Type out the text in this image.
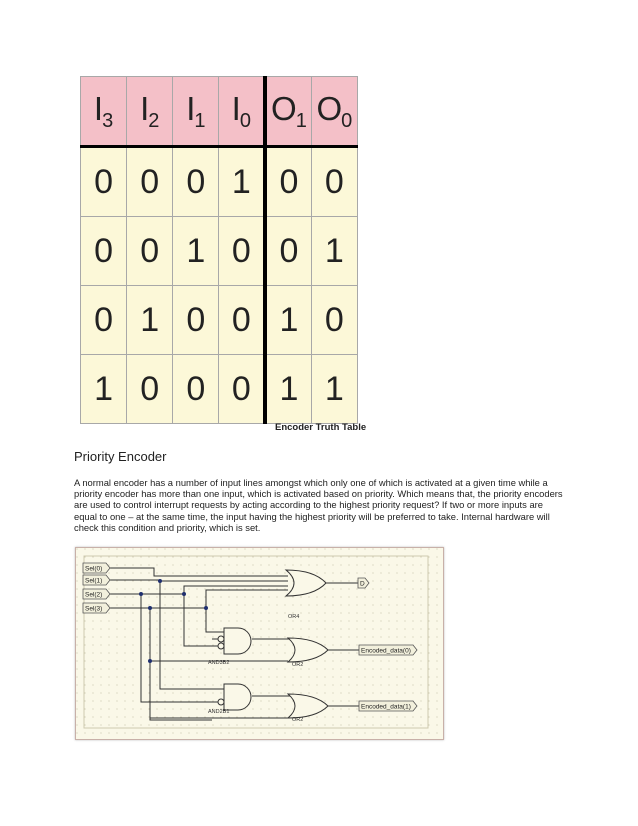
$I_3$	$I_2$	$I_1$	$I_0$	$O_1$	$O_0$
0	0	0	1	0	0
0	0	1	0	0	1
0	1	0	0	1	0
1	0	0	0	1	1
Encoder Truth Table
Priority Encoder

A normal encoder has a number of input lines amongst which only one of which is activated at a given time while a priority encoder has more than one input, which is activated based on priority. Which means that, the priority encoders are used to control interrupt requests by acting according to the highest priority request? If two or more inputs are equal to one – at the same time, the input having the highest priority will be preferred to take. Internal hardware will check this condition and priority, which is set.

Sel(0)
Sel(1)
Sel(2)
Sel(3)
D
Encoded_data(0)
Encoded_data(1)
OR4
AND3B2	OR2
AND2B1
OR2
